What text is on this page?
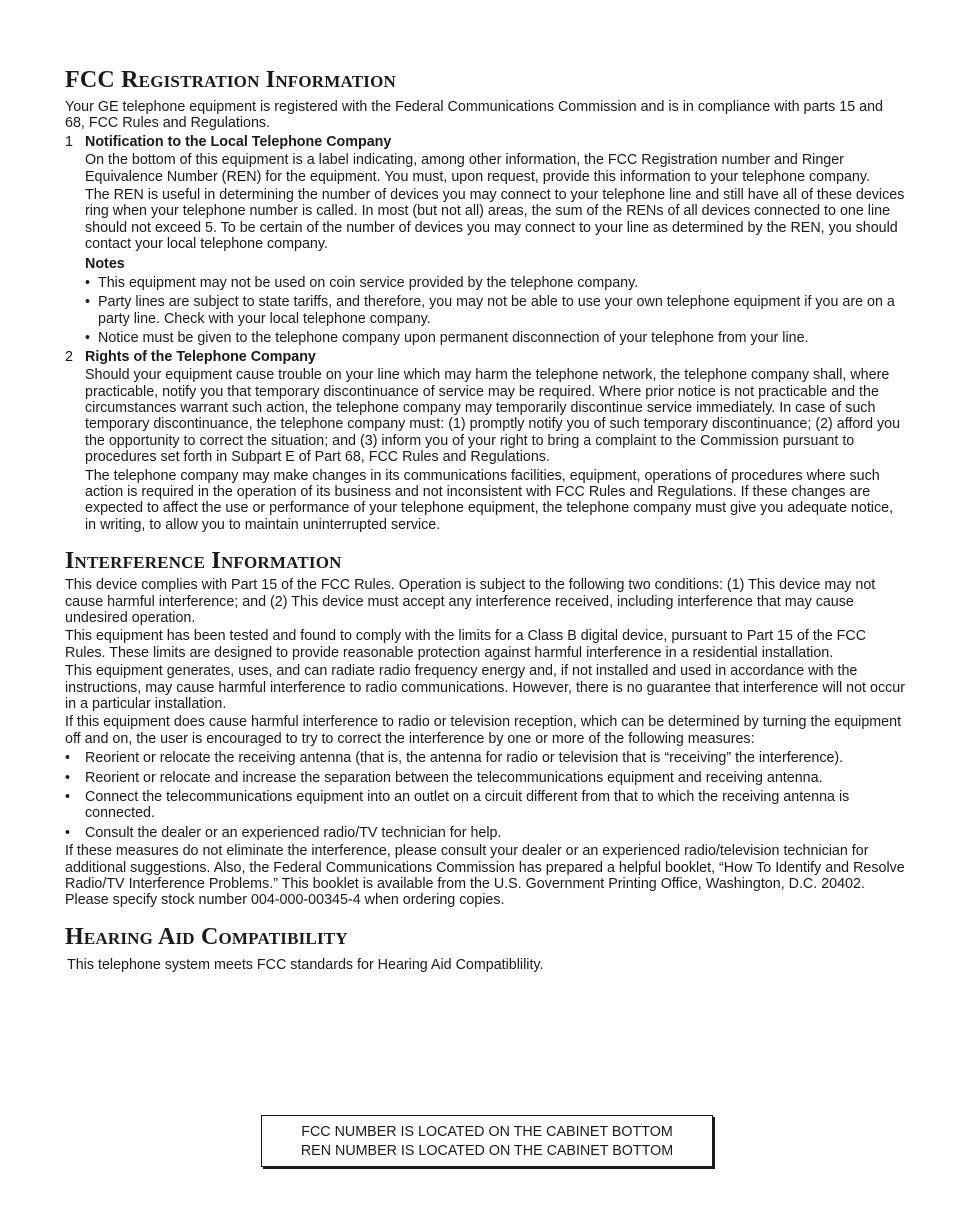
FCC Registration Information

Your GE telephone equipment is registered with the Federal Communications Commission and is in compliance with parts 15 and 68, FCC Rules and Regulations.

1 Notification to the Local Telephone Company

On the bottom of this equipment is a label indicating, among other information, the FCC Registration number and Ringer Equivalence Number (REN) for the equipment. You must, upon request, provide this information to your telephone company.

The REN is useful in determining the number of devices you may connect to your telephone line and still have all of these devices ring when your telephone number is called. In most (but not all) areas, the sum of the RENs of all devices connected to one line should not exceed 5. To be certain of the number of devices you may connect to your line as determined by the REN, you should contact your local telephone company.

Notes
• This equipment may not be used on coin service provided by the telephone company.
• Party lines are subject to state tariffs, and therefore, you may not be able to use your own telephone equipment if you are on a party line. Check with your local telephone company.
• Notice must be given to the telephone company upon permanent disconnection of your telephone from your line.
2 Rights of the Telephone Company

Should your equipment cause trouble on your line which may harm the telephone network, the telephone company shall, where practicable, notify you that temporary discontinuance of service may be required. Where prior notice is not practicable and the circumstances warrant such action, the telephone company may temporarily discontinue service immediately. In case of such temporary discontinuance, the telephone company must: (1) promptly notify you of such temporary discontinuance; (2) afford you the opportunity to correct the situation; and (3) inform you of your right to bring a complaint to the Commission pursuant to procedures set forth in Subpart E of Part 68, FCC Rules and Regulations.

The telephone company may make changes in its communications facilities, equipment, operations of procedures where such action is required in the operation of its business and not inconsistent with FCC Rules and Regulations. If these changes are expected to affect the use or performance of your telephone equipment, the telephone company must give you adequate notice, in writing, to allow you to maintain uninterrupted service.

Interference Information

This device complies with Part 15 of the FCC Rules. Operation is subject to the following two conditions: (1) This device may not cause harmful interference; and (2) This device must accept any interference received, including interference that may cause undesired operation.

This equipment has been tested and found to comply with the limits for a Class B digital device, pursuant to Part 15 of the FCC Rules. These limits are designed to provide reasonable protection against harmful interference in a residential installation.

This equipment generates, uses, and can radiate radio frequency energy and, if not installed and used in accordance with the instructions, may cause harmful interference to radio communications. However, there is no guarantee that interference will not occur in a particular installation.

If this equipment does cause harmful interference to radio or television reception, which can be determined by turning the equipment off and on, the user is encouraged to try to correct the interference by one or more of the following measures:

• Reorient or relocate the receiving antenna (that is, the antenna for radio or television that is “receiving” the interference).
• Reorient or relocate and increase the separation between the telecommunications equipment and receiving antenna.
• Connect the telecommunications equipment into an outlet on a circuit different from that to which the receiving antenna is connected.
• Consult the dealer or an experienced radio/TV technician for help.

If these measures do not eliminate the interference, please consult your dealer or an experienced radio/television technician for additional suggestions. Also, the Federal Communications Commission has prepared a helpful booklet, “How To Identify and Resolve Radio/TV Interference Problems.” This booklet is available from the U.S. Government Printing Office, Washington, D.C. 20402. Please specify stock number 004-000-00345-4 when ordering copies.

Hearing Aid Compatibility

This telephone system meets FCC standards for Hearing Aid Compatiblility.

FCC NUMBER IS LOCATED ON THE CABINET BOTTOM
REN NUMBER IS LOCATED ON THE CABINET BOTTOM
